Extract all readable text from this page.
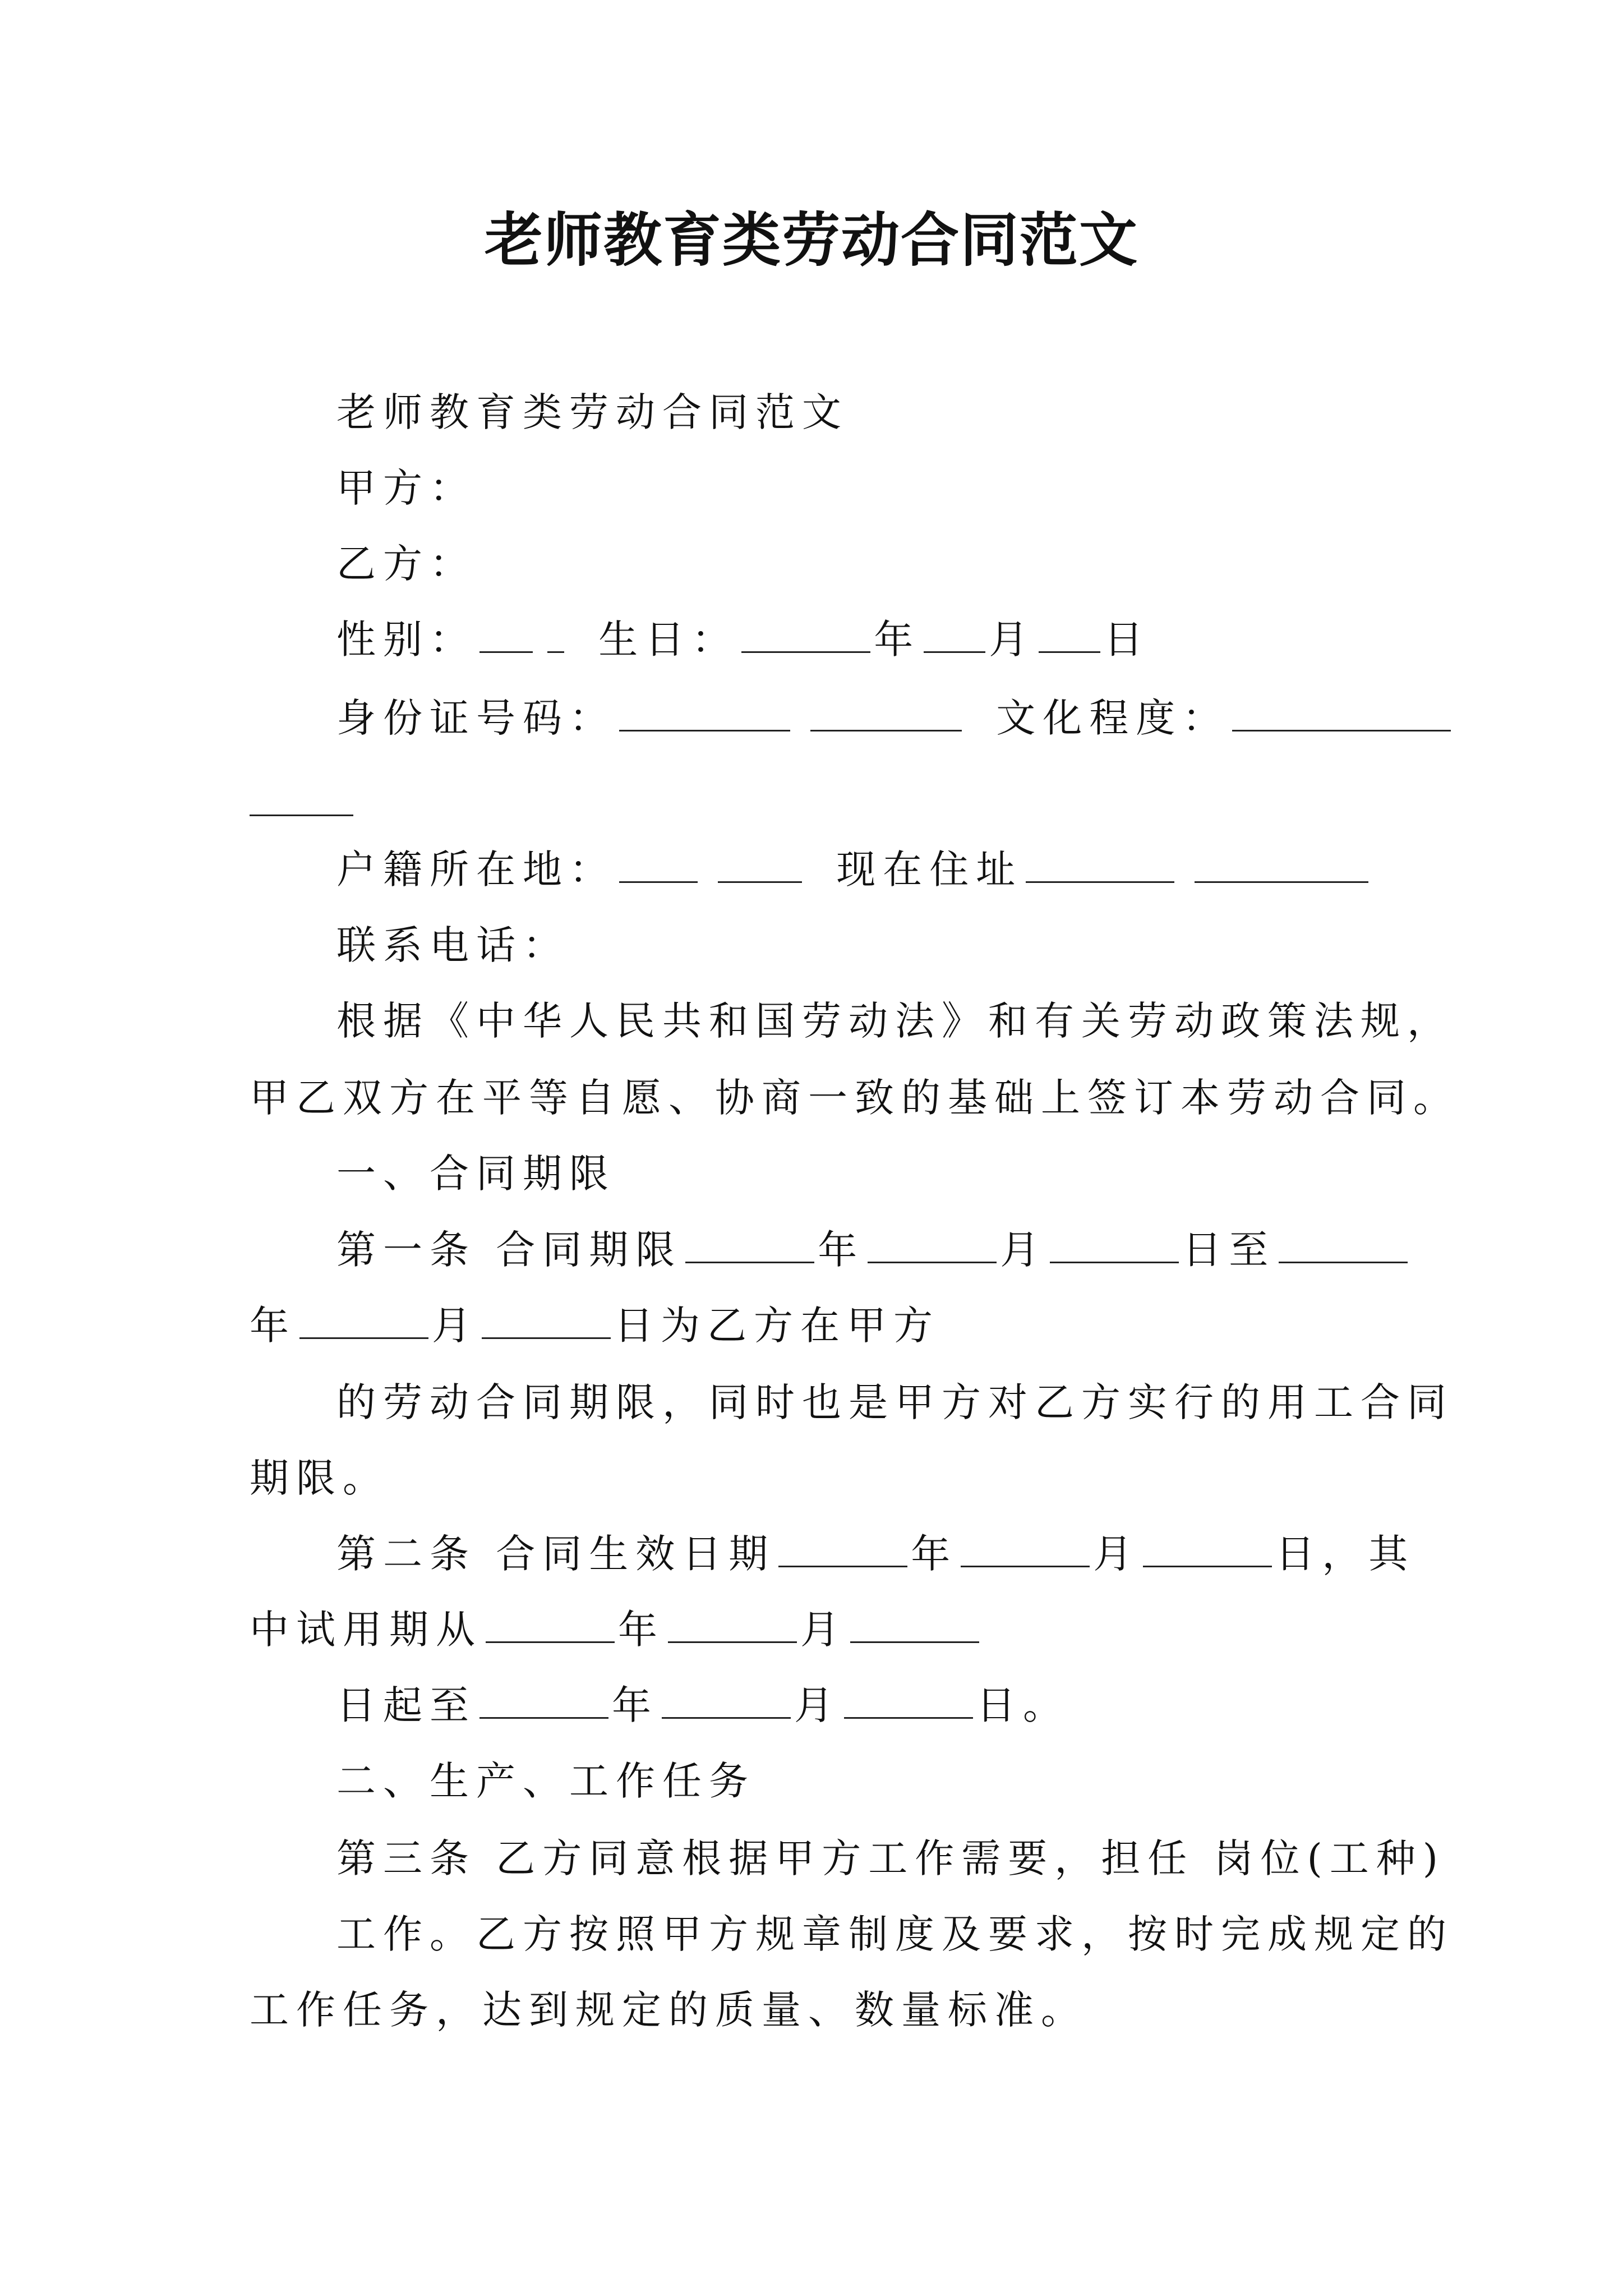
老师教育类劳动合同范文
老师教育类劳动合同范文
甲方：
乙方：
性别：	生日：	年 月 日
身份证号码：	文化程度：
户籍所在地：	现在住址
联系电话：
根据《中华人民共和国劳动法》和有关劳动政策法规，
甲乙双方在平等自愿、协商一致的基础上签订本劳动合同。
一、合同期限
第一条 合同期限	年	月	日至
年	月	日为乙方在甲方
的劳动合同期限，同时也是甲方对乙方实行的用工合同
期限。
第二条 合同生效日期	年	月	日，其
中试用期从	年	月
日起至	年	月	日。
二、生产、工作任务
第三条 乙方同意根据甲方工作需要，担任 岗位(工种)
工作。乙方按照甲方规章制度及要求，按时完成规定的
工作任务，达到规定的质量、数量标准。
